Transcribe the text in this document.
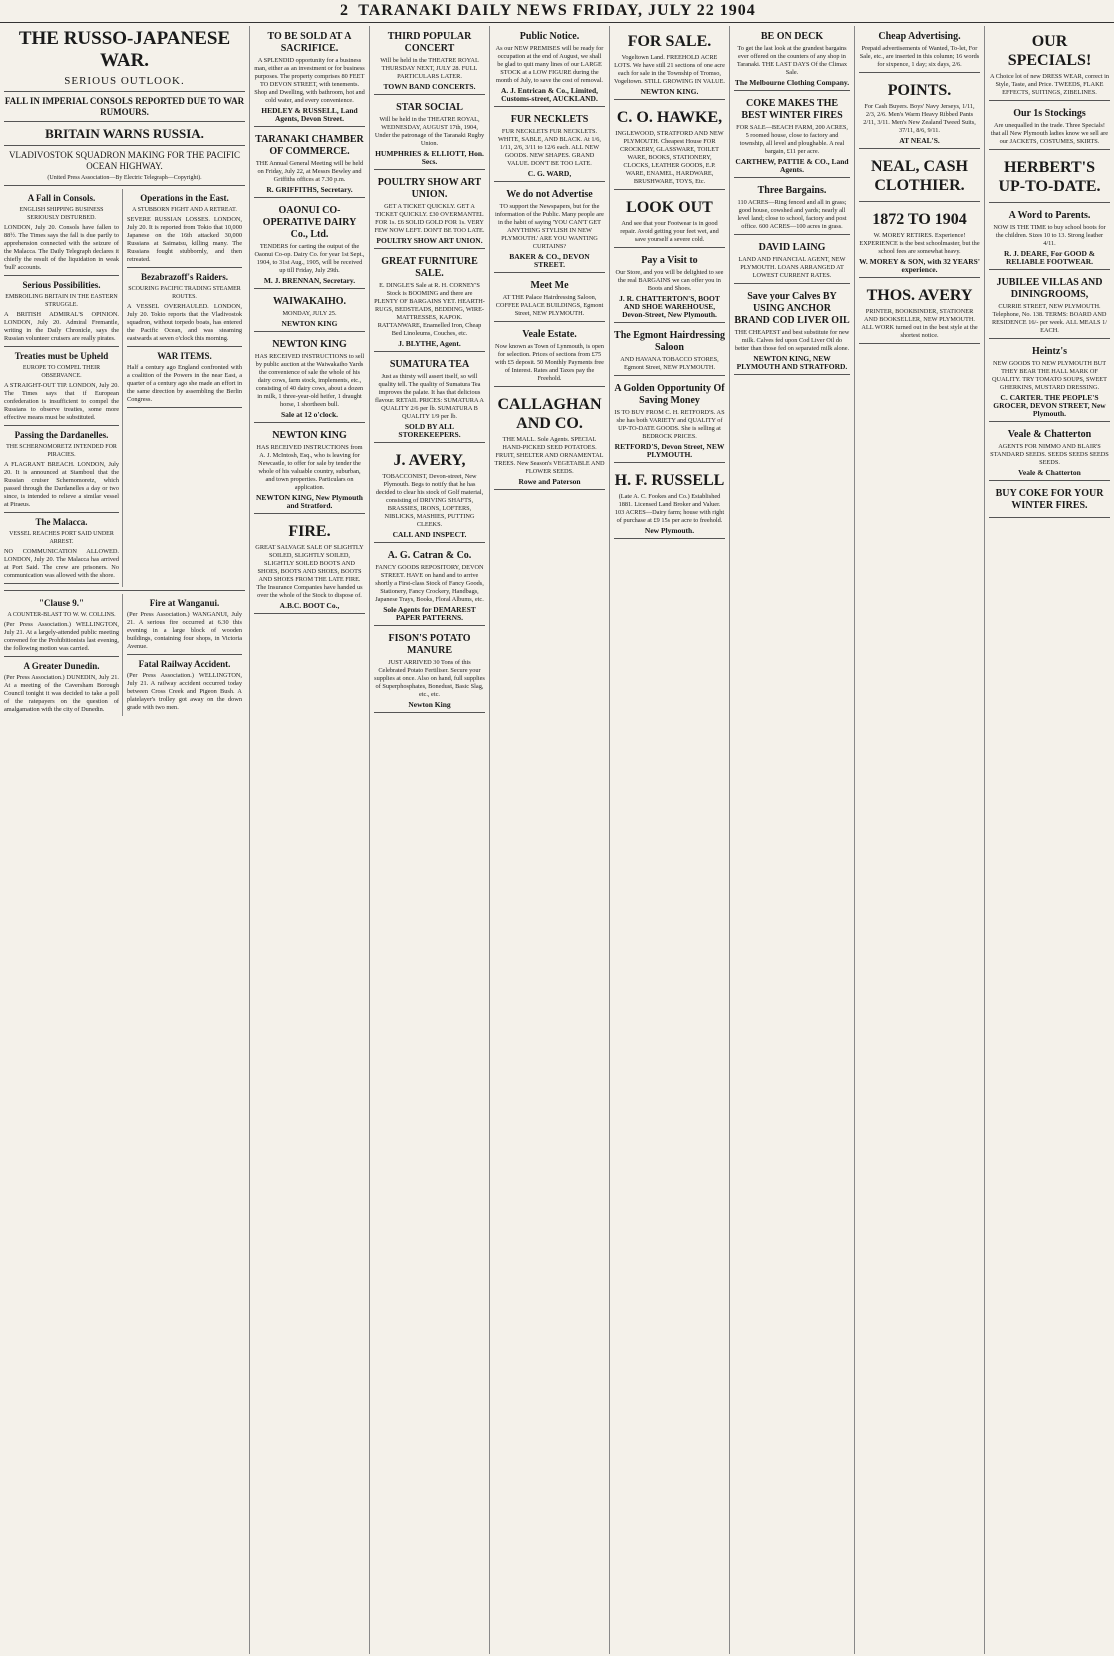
2 TARANAKI DAILY NEWS FRIDAY, JULY 22 1904
THE RUSSO-JAPANESE WAR.
SERIOUS OUTLOOK.
FALL IN IMPERIAL CONSOLS REPORTED DUE TO WAR RUMOURS.
BRITAIN WARNS RUSSIA.
VLADIVOSTOK SQUADRON MAKING FOR THE PACIFIC OCEAN HIGHWAY.
(United Press Association—By Electric Telegraph—Copyright).
A Fall in Consols.
ENGLISH SHIPPING BUSINESS SERIOUSLY DISTURBED.

LONDON, July 20. Consols have fallen to 88½. The Times says the fall is due partly to apprehension connected with the seizure of the Malacca. The Daily Telegraph declares it chiefly the result of the liquidation in weak 'bull' accounts.

Serious Possibilities.
EMBROILING BRITAIN IN THE EASTERN STRUGGLE.

A BRITISH ADMIRAL'S OPINION. LONDON, July 20. Admiral Fremantle, writing in the Daily Chronicle, says the Russian volunteer cruisers are really pirates.

Treaties must be Upheld
EUROPE TO COMPEL THEIR OBSERVANCE.

A STRAIGHT-OUT TIP. LONDON, July 20. The Times says that if European confederation is insufficient to compel the Russians to observe treaties, some more effective means must be substituted.

Passing the Dardanelles.
THE SCHERNOMORETZ INTENDED FOR PIRACIES.

A FLAGRANT BREACH. LONDON, July 20. It is announced at Stamboul that the Russian cruiser Schernomoretz, which passed through the Dardanelles a day or two since, is intended to relieve a similar vessel at Piraeus.

The Malacca.
VESSEL REACHES PORT SAID UNDER ARREST.

NO COMMUNICATION ALLOWED. LONDON, July 20. The Malacca has arrived at Port Said. The crew are prisoners. No communication was allowed with the shore.

Operations in the East.
A STUBBORN FIGHT AND A RETREAT.

SEVERE RUSSIAN LOSSES. LONDON, July 20. It is reported from Tokio that 10,000 Japanese on the 16th attacked 30,000 Russians at Saimatsu, killing many. The Russians fought stubbornly, and then retreated.

Bezabrazoff's Raiders.
SCOURING PACIFIC TRADING STEAMER ROUTES.

A VESSEL OVERHAULED. LONDON, July 20. Tokio reports that the Vladivostok squadron, without torpedo boats, has entered the Pacific Ocean, and was steaming eastwards at seven o'clock this morning.

WAR ITEMS.

Half a century ago England confronted with a coalition of the Powers in the near East, a quarter of a century ago she made an effort in the same direction by assembling the Berlin Congress.

"Clause 9."
A COUNTER-BLAST TO W. W. COLLINS.

(Per Press Association.) WELLINGTON, July 21. At a largely-attended public meeting convened for the Prohibitionists last evening, the following motion was carried.

A Greater Dunedin.

(Per Press Association.) DUNEDIN, July 21. At a meeting of the Caversham Borough Council tonight it was decided to take a poll of the ratepayers on the question of amalgamation with the city of Dunedin.

Fire at Wanganui.

(Per Press Association.) WANGANUI, July 21. A serious fire occurred at 6.30 this evening in a large block of wooden buildings, containing four shops, in Victoria Avenue.

Fatal Railway Accident.

(Per Press Association.) WELLINGTON, July 21. A railway accident occurred today between Cross Creek and Pigeon Bush. A platelayer's trolley got away on the down grade with two men.

TO BE SOLD AT A SACRIFICE.
A SPLENDID opportunity for a business man, either as an investment or for business purposes. The property comprises 80 FEET TO DEVON STREET, with tenements. Shop and Dwelling, with bathroom, hot and cold water, and every convenience.
HEDLEY & RUSSELL, Land Agents, Devon Street.
TARANAKI CHAMBER OF COMMERCE.
THE Annual General Meeting will be held on Friday, July 22, at Messrs Bewley and Griffiths offices at 7.30 p.m.
R. GRIFFITHS, Secretary.
OAONUI CO-OPERATIVE DAIRY Co., Ltd.
TENDERS for carting the output of the Oaonui Co-op. Dairy Co. for year 1st Sept., 1904, to 31st Aug., 1905, will be received up till Friday, July 29th.
M. J. BRENNAN, Secretary.
WAIWAKAIHO.
MONDAY, JULY 25.
NEWTON KING
NEWTON KING
HAS RECEIVED INSTRUCTIONS to sell by public auction at the Waiwakaiho Yards the convenience of sale the whole of his dairy cows, farm stock, implements, etc., consisting of 40 dairy cows, about a dozen in milk, 1 three-year-old heifer, 1 draught horse, 1 shortheen bull.
Sale at 12 o'clock.
NEWTON KING
HAS RECEIVED INSTRUCTIONS from A. J. McIntosh, Esq., who is leaving for Newcastle, to offer for sale by tender the whole of his valuable country, suburban, and town properties. Particulars on application.
NEWTON KING, New Plymouth and Stratford.
FIRE.
GREAT SALVAGE SALE OF SLIGHTLY SOILED, SLIGHTLY SOILED, SLIGHTLY SOILED BOOTS AND SHOES, BOOTS AND SHOES, BOOTS AND SHOES FROM THE LATE FIRE. The Insurance Companies have handed us over the whole of the Stock to dispose of.
A.B.C. BOOT Co.,
THIRD POPULAR CONCERT
Will be held in the THEATRE ROYAL THURSDAY NEXT, JULY 28. FULL PARTICULARS LATER.
TOWN BAND CONCERTS.
STAR SOCIAL
Will be held in the THEATRE ROYAL, WEDNESDAY, AUGUST 17th, 1904, Under the patronage of the Taranaki Rugby Union.
HUMPHRIES & ELLIOTT, Hon. Secs.
POULTRY SHOW ART UNION.
GET A TICKET QUICKLY. GET A TICKET QUICKLY. £30 OVERMANTEL FOR 1s. £6 SOLID GOLD FOR 1s. VERY FEW NOW LEFT. DON'T BE TOO LATE.
POULTRY SHOW ART UNION.
GREAT FURNITURE SALE.
E. DINGLE'S Sale at R. H. CORNEY'S Stock is BOOMING and there are PLENTY OF BARGAINS YET. HEARTH-RUGS, BEDSTEADS, BEDDING, WIRE-MATTRESSES, KAPOK. RATTANWARE, Enamelled Iron, Cheap Bed Linoleums, Couches, etc.
J. BLYTHE, Agent.
SUMATURA TEA
Just as thirsty will assert itself, so will quality tell. The quality of Sumatura Tea improves the palate. It has that delicious flavour. RETAIL PRICES: SUMATURA A QUALITY 2/6 per lb. SUMATURA B QUALITY 1/9 per lb.
SOLD BY ALL STOREKEEPERS.
J. AVERY,
TOBACCONIST, Devon-street, New Plymouth. Begs to notify that he has decided to clear his stock of Golf material, consisting of DRIVING SHAFTS, BRASSIES, IRONS, LOFTERS, NIBLICKS, MASHIES, PUTTING CLEEKS.
CALL AND INSPECT.
A. G. Catran & Co.
FANCY GOODS REPOSITORY, DEVON STREET. HAVE on hand and to arrive shortly a First-class Stock of Fancy Goods, Stationery, Fancy Crockery, Handbags, Japanese Trays, Books, Floral Albums, etc.
Sole Agents for DEMAREST PAPER PATTERNS.
FISON'S POTATO MANURE
JUST ARRIVED 30 Tons of this Celebrated Potato Fertiliser. Secure your supplies at once. Also on hand, full supplies of Superphosphates, Bonedust, Basic Slag, etc., etc.
Newton King
Public Notice.
As our NEW PREMISES will be ready for occupation at the end of August, we shall be glad to quit many lines of our LARGE STOCK at a LOW FIGURE during the month of July, to save the cost of removal.
A. J. Entrican & Co., Limited, Customs-street, AUCKLAND.
FUR NECKLETS
FUR NECKLETS FUR NECKLETS. WHITE, SABLE, AND BLACK. At 1/6, 1/11, 2/6, 3/11 to 12/6 each. ALL NEW GOODS. NEW SHAPES. GRAND VALUE. DON'T BE TOO LATE.
C. G. WARD,
We do not Advertise
TO support the Newspapers, but for the information of the Public. Many people are in the habit of saying 'YOU CAN'T GET ANYTHING STYLISH IN NEW PLYMOUTH.' ARE YOU WANTING CURTAINS?
BAKER & CO., DEVON STREET.
Meet Me
AT THE Palace Hairdressing Saloon, COFFEE PALACE BUILDINGS, Egmont Street, NEW PLYMOUTH.
Veale Estate.
Now known as Town of Lynmouth, is open for selection. Prices of sections from £75 with £5 deposit. 50 Monthly Payments free of Interest. Rates and Taxes pay the Freehold.
CALLAGHAN AND CO.
THE MALL. Sole Agents. SPECIAL HAND-PICKED SEED POTATOES. FRUIT, SHELTER AND ORNAMENTAL TREES. New Season's VEGETABLE AND FLOWER SEEDS.
Rowe and Paterson
FOR SALE.
Vogeltown Land. FREEHOLD ACRE LOTS. We have still 21 sections of one acre each for sale in the Township of Tromso, Vogeltown. STILL GROWING IN VALUE.
NEWTON KING.
C. O. HAWKE,
INGLEWOOD, STRATFORD AND NEW PLYMOUTH. Cheapest House FOR CROCKERY, GLASSWARE, TOILET WARE, BOOKS, STATIONERY, CLOCKS, LEATHER GOODS, E.P. WARE, ENAMEL, HARDWARE, BRUSHWARE, TOYS, Etc.
LOOK OUT
And see that your Footwear is in good repair. Avoid getting your feet wet, and save yourself a severe cold.
Pay a Visit to
Our Store, and you will be delighted to see the real BARGAINS we can offer you in Boots and Shoes.
J. R. CHATTERTON'S, BOOT AND SHOE WAREHOUSE, Devon-Street, New Plymouth.
The Egmont Hairdressing Saloon
AND HAVANA TOBACCO STORES, Egmont Street, NEW PLYMOUTH.
A Golden Opportunity Of Saving Money
IS TO BUY FROM C. H. RETFORD'S. AS she has both VARIETY and QUALITY of UP-TO-DATE GOODS. She is selling at BEDROCK PRICES.
RETFORD'S, Devon Street, NEW PLYMOUTH.
H. F. RUSSELL
(Late A. C. Fookes and Co.) Established 1881. Licensed Land Broker and Valuer. 103 ACRES—Dairy farm; house with right of purchase at £9 15s per acre to freehold.
New Plymouth.
BE ON DECK
To get the last look at the grandest bargains ever offered on the counters of any shop in Taranaki. THE LAST DAYS Of the Climax Sale.
The Melbourne Clothing Company.
COKE MAKES THE BEST WINTER FIRES
FOR SALE—BEACH FARM, 200 ACRES, 5 roomed house, close to factory and township, all level and ploughable. A real bargain, £11 per acre.
CARTHEW, PATTIE & CO., Land Agents.
Three Bargains.
110 ACRES—Ring fenced and all in grass; good house, cowshed and yards; nearly all level land; close to school, factory and post office. 600 ACRES—100 acres in grass.
DAVID LAING
LAND AND FINANCIAL AGENT, NEW PLYMOUTH. LOANS ARRANGED AT LOWEST CURRENT RATES.
Save your Calves BY USING ANCHOR BRAND COD LIVER OIL
THE CHEAPEST and best substitute for new milk. Calves fed upon Cod Liver Oil do better than those fed on separated milk alone.
NEWTON KING, NEW PLYMOUTH AND STRATFORD.
Cheap Advertising.
Prepaid advertisements of Wanted, To-let, For Sale, etc., are inserted in this column; 16 words for sixpence, 1 day; six days, 2/6.
POINTS.
For Cash Buyers. Boys' Navy Jerseys, 1/11, 2/3, 2/6. Men's Warm Heavy Ribbed Pants 2/11, 3/11. Men's New Zealand Tweed Suits, 37/11, 8/6, 9/11.
AT NEAL'S.
NEAL, CASH CLOTHIER.
1872 TO 1904
W. MOREY RETIRES. Experience! EXPERIENCE is the best schoolmaster, but the school fees are somewhat heavy.
W. MOREY & SON, with 32 YEARS' experience.
THOS. AVERY
PRINTER, BOOKBINDER, STATIONER AND BOOKSELLER, NEW PLYMOUTH. ALL WORK turned out in the best style at the shortest notice.
OUR SPECIALS!
A Choice lot of new DRESS WEAR, correct in Style, Taste, and Price. TWEEDS, FLAKE EFFECTS, SUITINGS, ZIBELINES.
Our 1s Stockings
Are unequalled in the trade. Three Specials! that all New Plymouth ladies know we sell are our JACKETS, COSTUMES, SKIRTS.
HERBERT'S UP-TO-DATE.
A Word to Parents.
NOW IS THE TIME to buy school boots for the children. Sizes 10 to 13. Strong leather 4/11.
R. J. DEARE, For GOOD & RELIABLE FOOTWEAR.
JUBILEE VILLAS AND DININGROOMS,
CURRIE STREET, NEW PLYMOUTH. Telephone, No. 138. TERMS: BOARD AND RESIDENCE 16/- per week. ALL MEALS 1/ EACH.
Heintz's
NEW GOODS TO NEW PLYMOUTH BUT THEY BEAR THE HALL MARK OF QUALITY. TRY TOMATO SOUPS, SWEET GHERKINS, MUSTARD DRESSING.
C. CARTER. THE PEOPLE'S GROCER, DEVON STREET, New Plymouth.
Veale & Chatterton
AGENTS FOR NIMMO AND BLAIR'S STANDARD SEEDS. SEEDS SEEDS SEEDS SEEDS.
Veale & Chatterton
BUY COKE FOR YOUR WINTER FIRES.
